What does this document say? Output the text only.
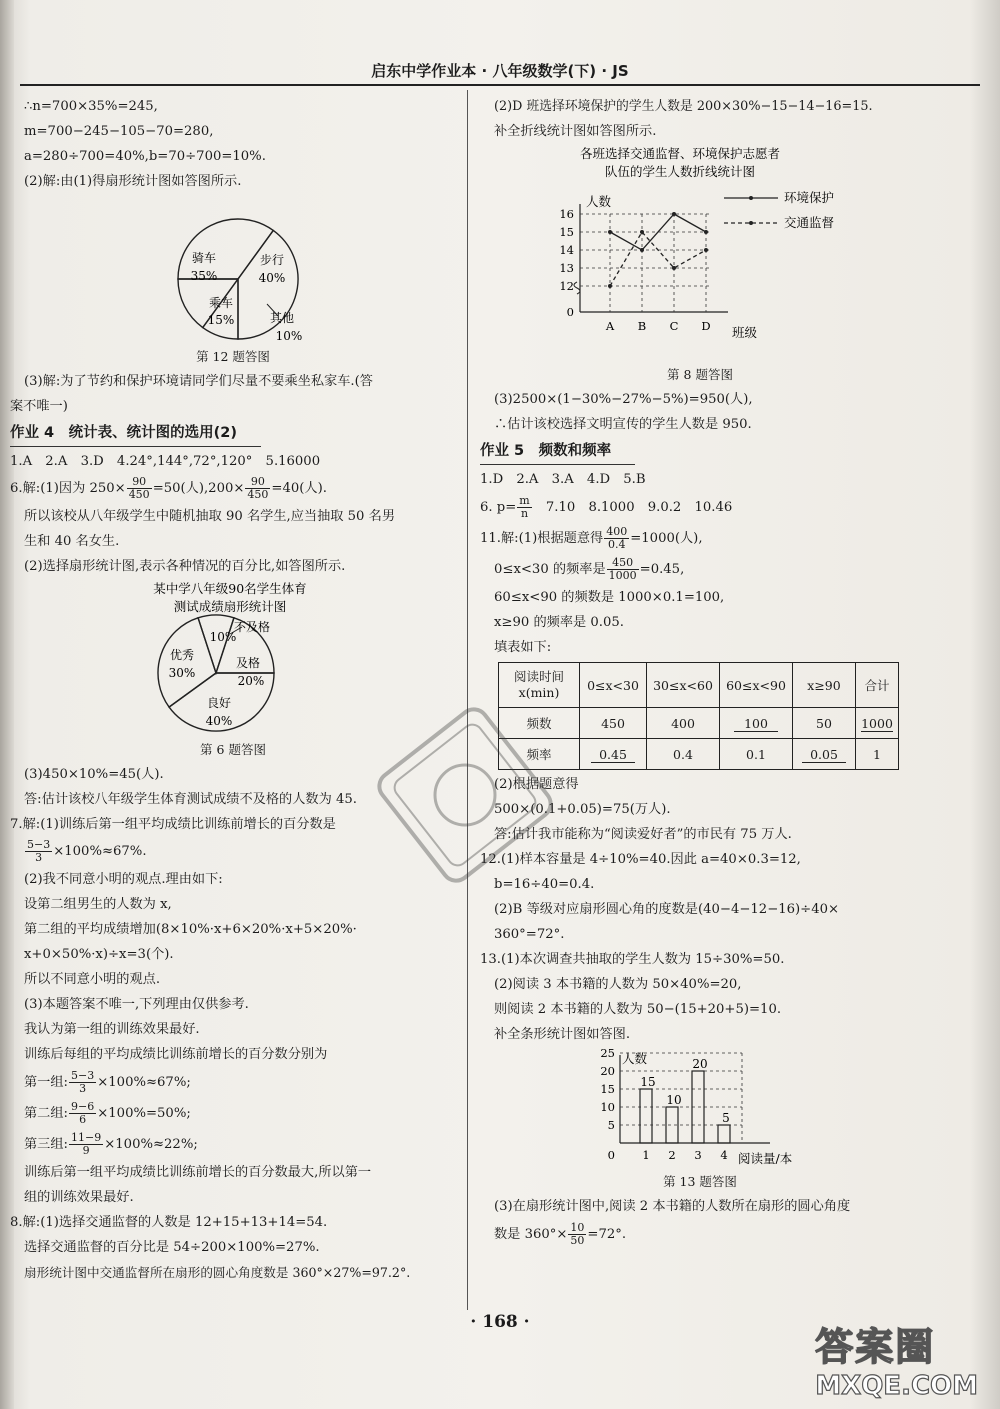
启东中学作业本 · 八年级数学(下) · JS
∴n=700×35%=245,
m=700−245−105−70=280,
a=280÷700=40%,b=70÷700=10%.
(2)解:由(1)得扇形统计图如答图所示.
骑车
35%
步行
40%
乘车
15%	其他
10%
第 12 题答图
(3)解:为了节约和保护环境请同学们尽量不要乘坐私家车.(答
案不唯一)
作业 4　统计表、统计图的选用(2)
1.A　2.A　3.D　4.24°,144°,72°,120°　5.16000
6.解:(1)因为 $250\times \frac{90}{450} =50$(人)$,200\times \frac{90}{450} =40$(人).
所以该校从八年级学生中随机抽取 90 名学生,应当抽取 50 名男
生和 40 名女生.
(2)选择扇形统计图,表示各种情况的百分比,如答图所示.
某中学八年级90名学生体育
测试成绩扇形统计图
10%
不及格
及格
20%
优秀
30%
良好
40%
第 6 题答图
(3)450×10%=45(人).
答:估计该校八年级学生体育测试成绩不及格的人数为 45.
7.解:(1)训练后第一组平均成绩比训练前增长的百分数是
$\frac{5-3}{3} \times 100\%\approx 67\%$.
(2)我不同意小明的观点.理由如下:
设第二组男生的人数为 x,
第二组的平均成绩增加(8×10%·x+6×20%·x+5×20%·
x+0×50%·x)÷x=3(个).
所以不同意小明的观点.
(3)本题答案不唯一,下列理由仅供参考.
我认为第一组的训练效果最好.
训练后每组的平均成绩比训练前增长的百分数分别为
第一组: $\frac{5-3}{3} \times 100\%\approx 67\%$;
第二组: $\frac{9-6}{6} \times 100\%=50\%$;
第三组: $\frac{11-9}{9} \times 100\%\approx 22\%$;
训练后第一组平均成绩比训练前增长的百分数最大,所以第一
组的训练效果最好.
8.解:(1)选择交通监督的人数是 12+15+13+14=54.
选择交通监督的百分比是 54÷200×100%=27%.
扇形统计图中交通监督所在扇形的圆心角度数是 360°×27%=97.2°.
(2)D 班选择环境保护的学生人数是 200×30%−15−14−16=15.
补全折线统计图如答图所示.
各班选择交通监督、环境保护志愿者
队伍的学生人数折线统计图
环境保护
交通监督
人数
班级
16
15
14
13
12
0
A B C D
第 8 题答图
(3)2500×(1−30%−27%−5%)=950(人),
∴估计该校选择文明宣传的学生人数是 950.
作业 5　频数和频率
1.D　2.A　3.A　4.D　5.B
6. $p= \frac{m}{n}$ 　7.10　8.1000　9.0.2　10.46
11.解:(1)根据题意得 $\frac{400}{0.4} =1000$(人),
0≤x<30 的频率是 $\frac{450}{1000} =0.45$,
60≤x<90 的频数是 1000×0.1=100,
x≥90 的频率是 0.05.
填表如下:
阅读时间
x(min)	0≤x<30	30≤x<60	60≤x<90	x≥90	合计
频数	450	400	100	50	1000
频率	0.45	0.4	0.1	0.05	1
(2)根据题意得
500×(0.1+0.05)=75(万人).
答:估计我市能称为“阅读爱好者”的市民有 75 万人.
12.(1)样本容量是 4÷10%=40.因此 a=40×0.3=12,
b=16÷40=0.4.
(2)B 等级对应扇形圆心角的度数是(40−4−12−16)÷40×
360°=72°.
13.(1)本次调查共抽取的学生人数为 15÷30%=50.
(2)阅读 3 本书籍的人数为 50×40%=20,
则阅读 2 本书籍的人数为 50−(15+20+5)=10.
补全条形统计图如答图.
人数
阅读量/本
25
20
15
10
5
0
15
1
10
2
20
3
5
4
第 13 题答图
(3)在扇形统计图中,阅读 2 本书籍的人数所在扇形的圆心角度
数是 $360^\circ\times \frac{10}{50} =72^\circ$.
· 168 ·
答案圈
MXQE.COM
